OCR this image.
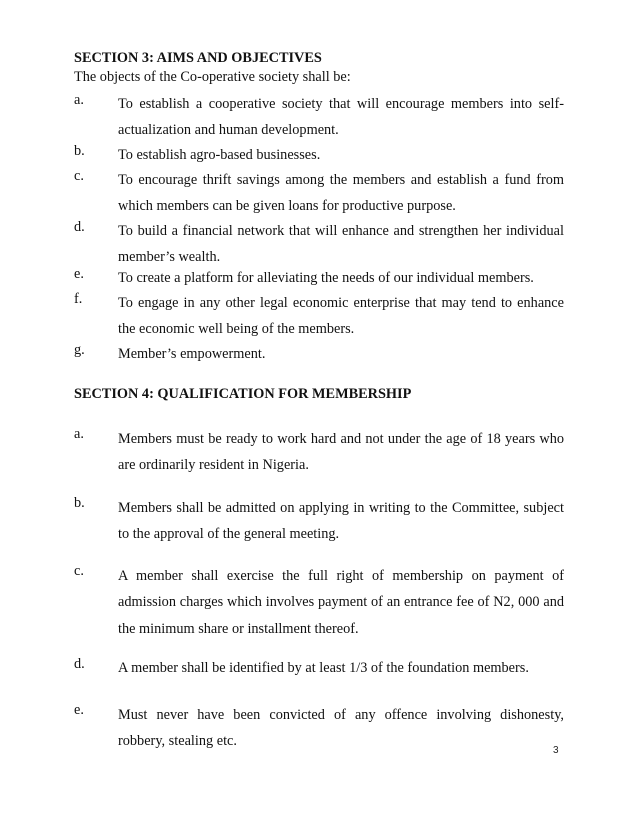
SECTION 3: AIMS AND OBJECTIVES
The objects of the Co-operative society shall be:
a. To establish a cooperative society that will encourage members into self-actualization and human development.
b. To establish agro-based businesses.
c. To encourage thrift savings among the members and establish a fund from which members can be given loans for productive purpose.
d. To build a financial network that will enhance and strengthen her individual member’s wealth.
e. To create a platform for alleviating the needs of our individual members.
f. To engage in any other legal economic enterprise that may tend to enhance the economic well being of the members.
g. Member’s empowerment.
SECTION 4: QUALIFICATION FOR MEMBERSHIP
a. Members must be ready to work hard and not under the age of 18 years who are ordinarily resident in Nigeria.
b. Members shall be admitted on applying in writing to the Committee, subject to the approval of the general meeting.
c. A member shall exercise the full right of membership on payment of admission charges which involves payment of an entrance fee of N2, 000 and the minimum share or installment thereof.
d. A member shall be identified by at least 1/3 of the foundation members.
e. Must never have been convicted of any offence involving dishonesty, robbery, stealing etc.
3
